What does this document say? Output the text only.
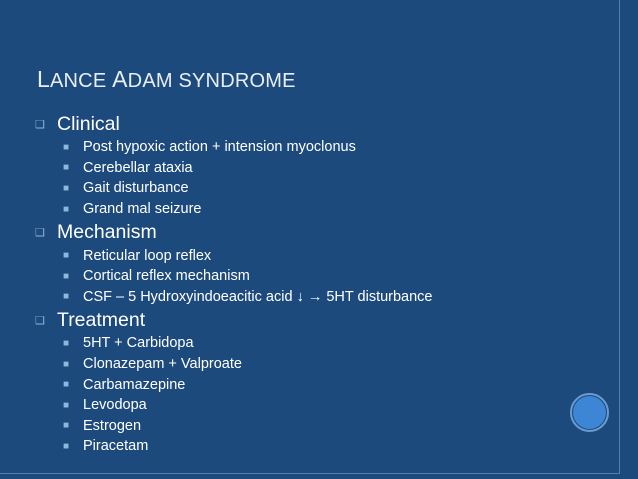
LANCE ADAM SYNDROME
❑ Clinical
■ Post hypoxic action + intension myoclonus
■ Cerebellar ataxia
■ Gait disturbance
■ Grand mal seizure
❑ Mechanism
■ Reticular loop reflex
■ Cortical reflex mechanism
■ CSF – 5 Hydroxyindoeacitic acid ↓ → 5HT disturbance
❑ Treatment
■ 5HT + Carbidopa
■ Clonazepam + Valproate
■ Carbamazepine
■ Levodopa
■ Estrogen
■ Piracetam
